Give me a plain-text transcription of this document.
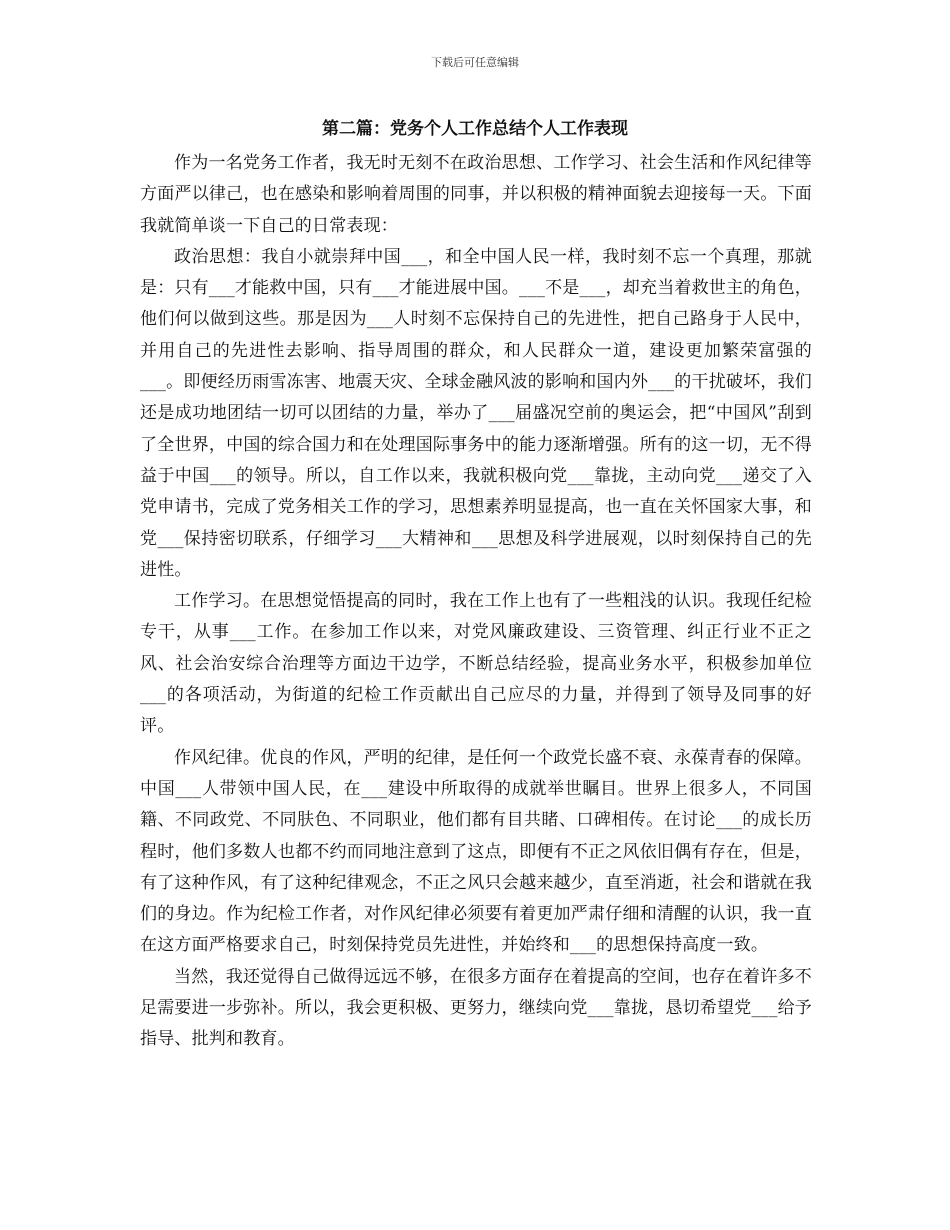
下载后可任意编辑
第二篇：党务个人工作总结个人工作表现

作为一名党务工作者，我无时无刻不在政治思想、工作学习、社会生活和作风纪律等方面严以律己，也在感染和影响着周围的同事，并以积极的精神面貌去迎接每一天。下面我就简单谈一下自己的日常表现：

政治思想：我自小就崇拜中国___，和全中国人民一样，我时刻不忘一个真理，那就是：只有___才能救中国，只有___才能进展中国。___不是___，却充当着救世主的角色，他们何以做到这些。那是因为___人时刻不忘保持自己的先进性，把自己路身于人民中，并用自己的先进性去影响、指导周围的群众，和人民群众一道，建设更加繁荣富强的___。即便经历雨雪冻害、地震天灾、全球金融风波的影响和国内外___的干扰破坏，我们还是成功地团结一切可以团结的力量，举办了___届盛况空前的奥运会，把“中国风”刮到了全世界，中国的综合国力和在处理国际事务中的能力逐渐增强。所有的这一切，无不得益于中国___的领导。所以，自工作以来，我就积极向党___靠拢，主动向党___递交了入党申请书，完成了党务相关工作的学习，思想素养明显提高，也一直在关怀国家大事，和党___保持密切联系，仔细学习___大精神和___思想及科学进展观，以时刻保持自己的先进性。

工作学习。在思想觉悟提高的同时，我在工作上也有了一些粗浅的认识。我现任纪检专干，从事___工作。在参加工作以来，对党风廉政建设、三资管理、纠正行业不正之风、社会治安综合治理等方面边干边学，不断总结经验，提高业务水平，积极参加单位___的各项活动，为街道的纪检工作贡献出自己应尽的力量，并得到了领导及同事的好评。

作风纪律。优良的作风，严明的纪律，是任何一个政党长盛不衰、永葆青春的保障。中国___人带领中国人民，在___建设中所取得的成就举世瞩目。世界上很多人，不同国籍、不同政党、不同肤色、不同职业，他们都有目共睹、口碑相传。在讨论___的成长历程时，他们多数人也都不约而同地注意到了这点，即便有不正之风依旧偶有存在，但是，有了这种作风，有了这种纪律观念，不正之风只会越来越少，直至消逝，社会和谐就在我们的身边。作为纪检工作者，对作风纪律必须要有着更加严肃仔细和清醒的认识，我一直在这方面严格要求自己，时刻保持党员先进性，并始终和___的思想保持高度一致。

当然，我还觉得自己做得远远不够，在很多方面存在着提高的空间，也存在着许多不足需要进一步弥补。所以，我会更积极、更努力，继续向党___靠拢，恳切希望党___给予指导、批判和教育。
